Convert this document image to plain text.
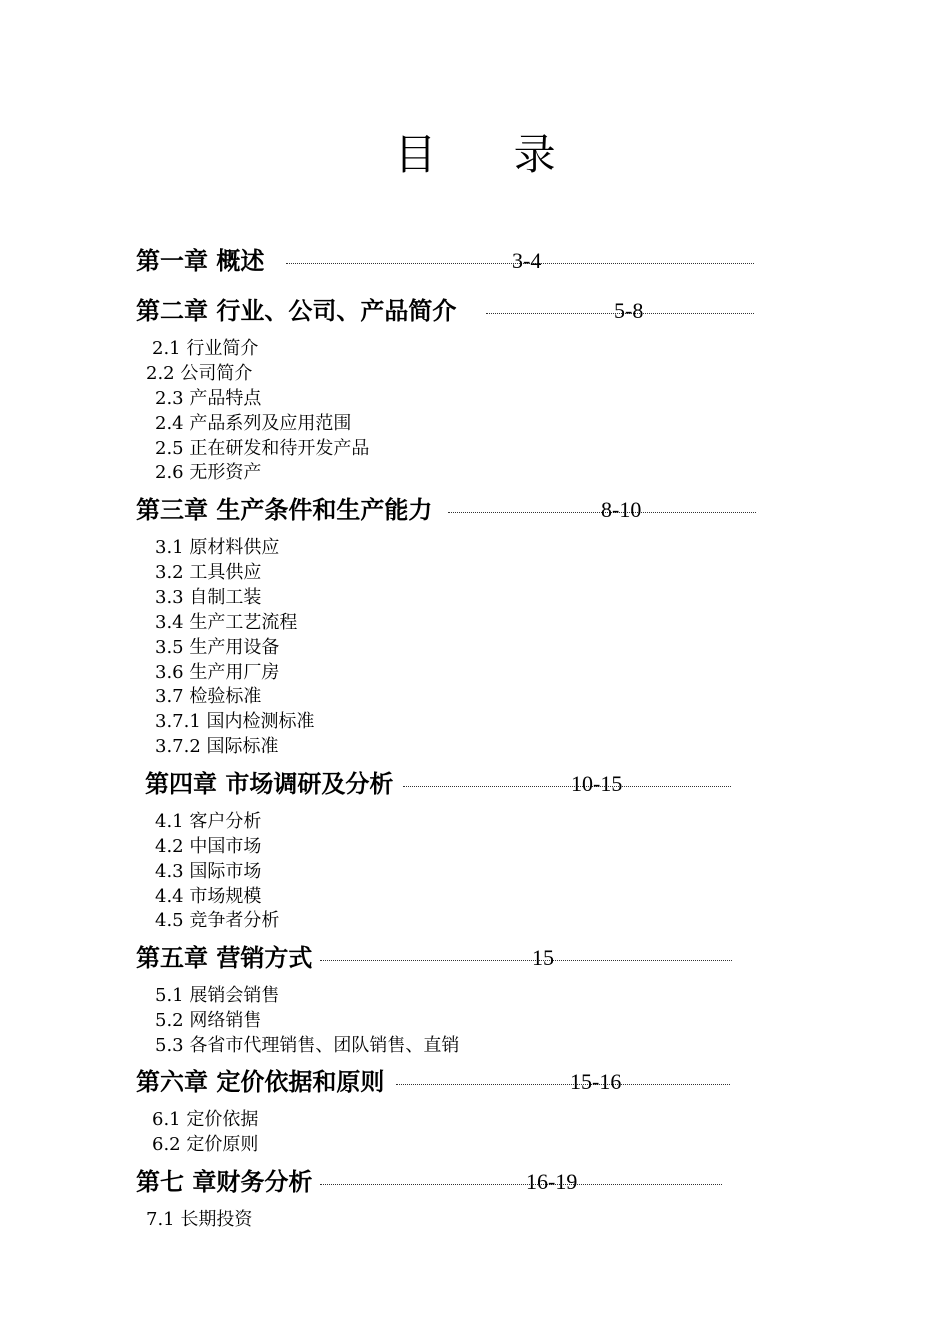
目 录
第一章 概述	3-4
第二章 行业、公司、产品简介	5-8
2.1 行业简介
2.2 公司简介
2.3 产品特点
2.4 产品系列及应用范围
2.5 正在研发和待开发产品
2.6 无形资产
第三章 生产条件和生产能力	8-10
3.1 原材料供应
3.2 工具供应
3.3 自制工装
3.4 生产工艺流程
3.5 生产用设备
3.6 生产用厂房
3.7 检验标准
3.7.1 国内检测标准
3.7.2 国际标准
第四章 市场调研及分析	10-15
4.1 客户分析
4.2 中国市场
4.3 国际市场
4.4 市场规模
4.5 竞争者分析
第五章 营销方式	15
5.1 展销会销售
5.2 网络销售
5.3 各省市代理销售、团队销售、直销
第六章 定价依据和原则	15-16
6.1 定价依据
6.2 定价原则
第七 章财务分析	16-19
7.1 长期投资
